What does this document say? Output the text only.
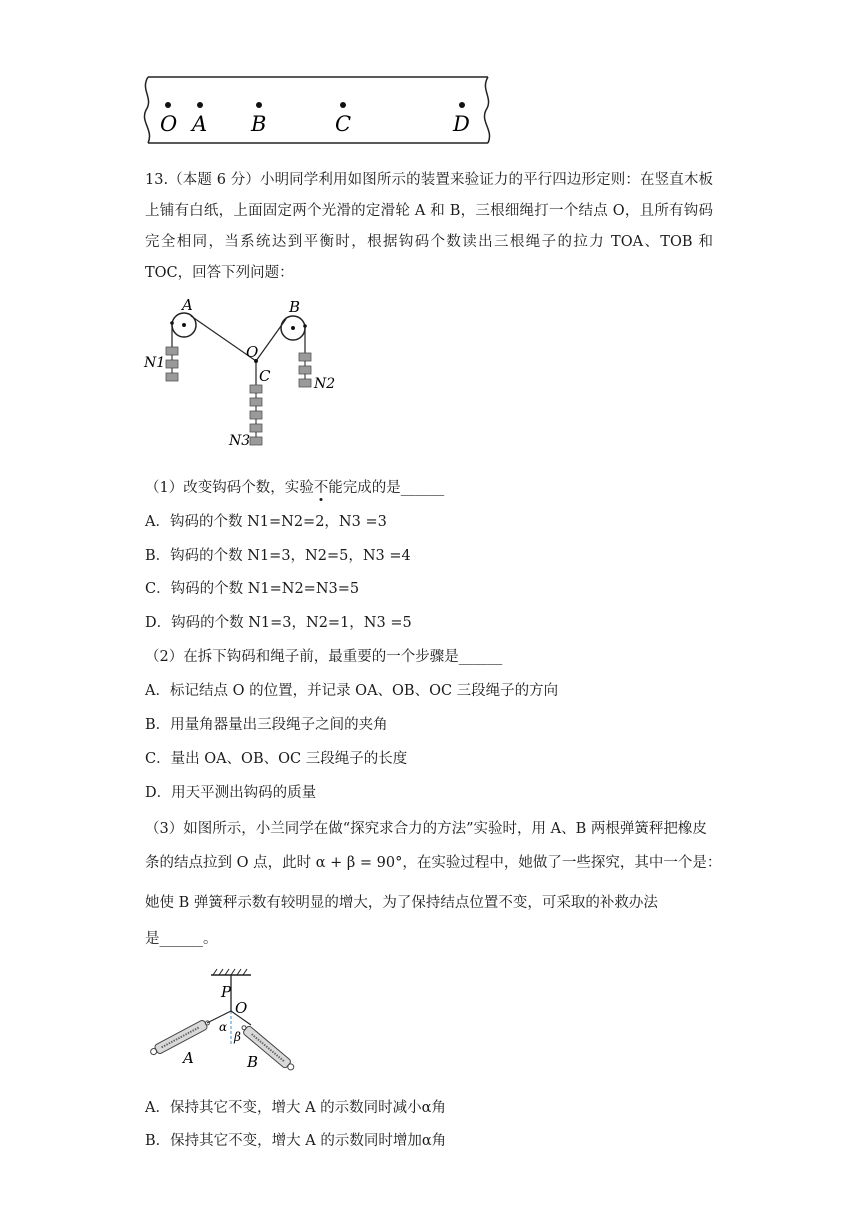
O A B	C	D
13.（本题 6 分）小明同学利用如图所示的装置来验证力的平行四边形定则：在竖直木板上铺有白纸，上面固定两个光滑的定滑轮 A 和 B，三根细绳打一个结点 O，且所有钩码完全相同，当系统达到平衡时，根据钩码个数读出三根绳子的拉力 TOA、TOB 和 TOC，回答下列问题：
A	B
O
C
N1
N2
N3
（1）改变钩码个数，实验不能完成的是______
A．钩码的个数 N1=N2=2，N3 =3
B．钩码的个数 N1=3，N2=5，N3 =4
C．钩码的个数 N1=N2=N3=5
D．钩码的个数 N1=3，N2=1，N3 =5
（2）在拆下钩码和绳子前，最重要的一个步骤是______
A．标记结点 O 的位置，并记录 OA、OB、OC 三段绳子的方向
B．用量角器量出三段绳子之间的夹角
C．量出 OA、OB、OC 三段绳子的长度
D．用天平测出钩码的质量
（3）如图所示，小兰同学在做“探究求合力的方法”实验时，用 A、B 两根弹簧秤把橡皮
条的结点拉到 O 点，此时 α + β = 90°，在实验过程中，她做了一些探究，其中一个是：
她使 B 弹簧秤示数有较明显的增大，为了保持结点位置不变，可采取的补救办法
是______。
P
O
α
β
A	B
A．保持其它不变，增大 A 的示数同时减小α角
B．保持其它不变，增大 A 的示数同时增加α角
